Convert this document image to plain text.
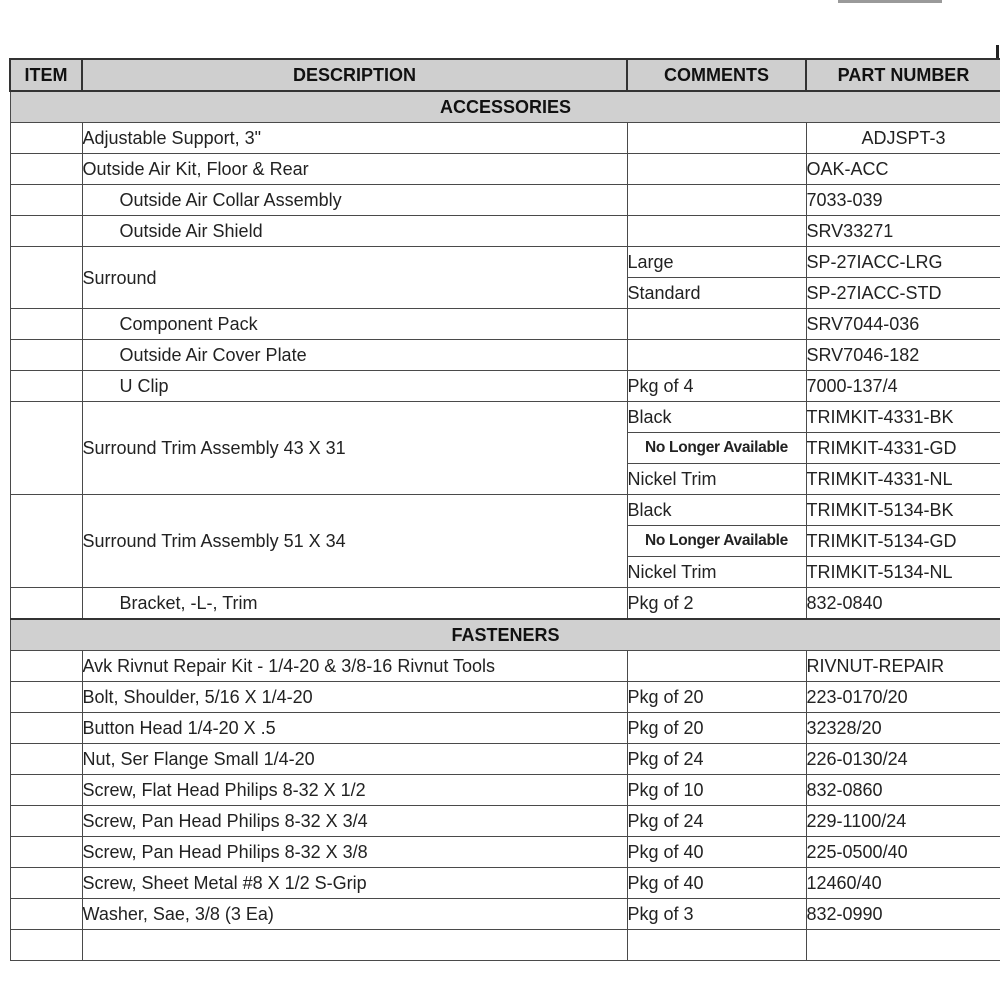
ITEM	DESCRIPTION	COMMENTS	PART NUMBER
ACCESSORIES			
	Adjustable Support, 3"		ADJSPT-3
	Outside Air Kit, Floor & Rear		OAK-ACC
	Outside Air Collar Assembly		7033-039
	Outside Air Shield		SRV33271
	Surround	Large	SP-27IACC-LRG
		Standard	SP-27IACC-STD
	Component Pack		SRV7044-036
	Outside Air Cover Plate		SRV7046-182
	U Clip	Pkg of 4	7000-137/4
	Surround Trim Assembly 43 X 31	Black	TRIMKIT-4331-BK
		No Longer Available	TRIMKIT-4331-GD
		Nickel Trim	TRIMKIT-4331-NL
	Surround Trim Assembly 51 X 34	Black	TRIMKIT-5134-BK
		No Longer Available	TRIMKIT-5134-GD
		Nickel Trim	TRIMKIT-5134-NL
	Bracket, -L-, Trim	Pkg of 2	832-0840
FASTENERS			
	Avk Rivnut Repair Kit - 1/4-20 & 3/8-16 Rivnut Tools		RIVNUT-REPAIR
	Bolt, Shoulder, 5/16 X 1/4-20	Pkg of 20	223-0170/20
	Button Head 1/4-20 X .5	Pkg of 20	32328/20
	Nut, Ser Flange Small 1/4-20	Pkg of 24	226-0130/24
	Screw, Flat Head Philips 8-32 X 1/2	Pkg of 10	832-0860
	Screw, Pan Head Philips 8-32 X 3/4	Pkg of 24	229-1100/24
	Screw, Pan Head Philips 8-32 X 3/8	Pkg of 40	225-0500/40
	Screw, Sheet Metal #8 X 1/2 S-Grip	Pkg of 40	12460/40
	Washer, Sae, 3/8 (3 Ea)	Pkg of 3	832-0990
